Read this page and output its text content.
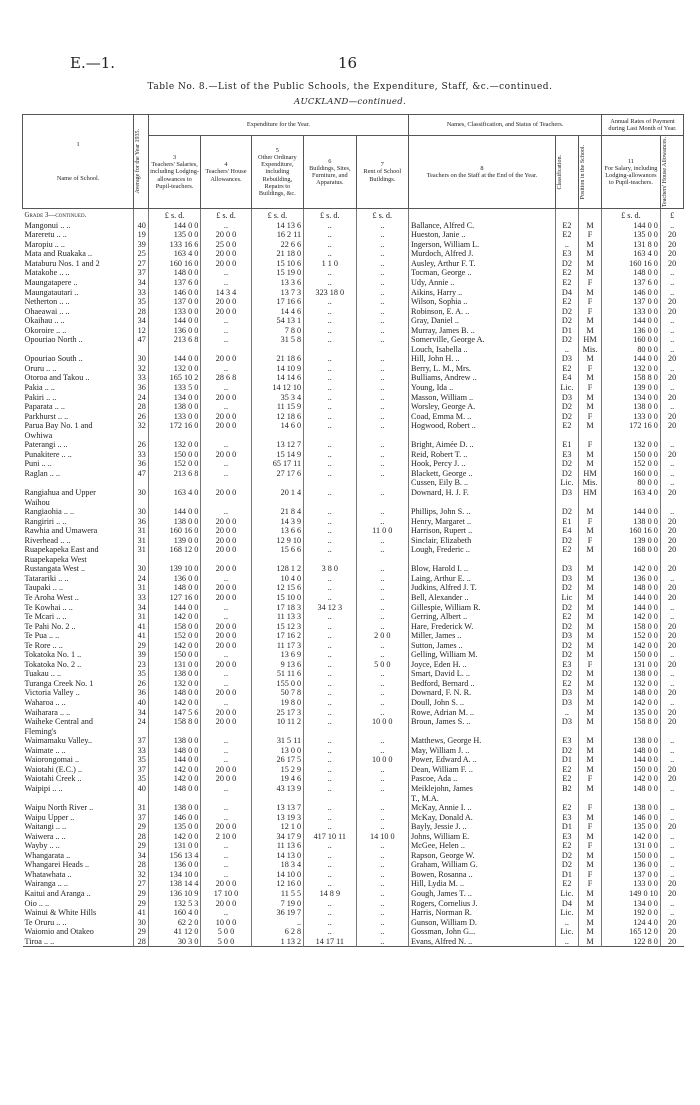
E.—1.	16
Table No. 8.—List of the Public Schools, the Expenditure, Staff, &c.—continued.
AUCKLAND—continued.
1
Name of School.	Average for the Year 1935.	Expenditure for the Year.					Names, Classification, and Status of Teachers.			Annual Rates of Payment during Last Month of Year.	
		3
Teachers' Salaries, including Lodging-allowances to Pupil-teachers.	4
Teachers' House Allowances.	5
Other Ordinary Expenditure, including Rebuilding, Repairs to Buildings, &c.	6
Buildings, Sites, Furniture, and Apparatus.	7
Rent of School Buildings.	8
Teachers on the Staff at the End of the Year.	Classification.	Position in the School.	11
For Salary, including Lodging-allowances to Pupil-teachers.	Teachers' House Allowances.

Grade 3—continued.		£ s. d.	£ s. d.	£ s. d.	£ s. d.	£ s. d.				£ s. d.	£
Mangonui .. ..	40	144 0 0	..	14 13 6	..	..	Ballance, Alfred C.	E2	M	144 0 0	..
Mareretu .. ..	19	135 0 0	20 0 0	16 2 11	..	..	Hueston, Janie ..	E2	F	135 0 0	20
Maropiu .. ..	39	133 16 6	25 0 0	22 6 6	..	..	Ingerson, William L.	..	M	131 8 0	20
Mata and Ruakaka ..	25	163 4 0	20 0 0	21 18 0	..	..	Murdoch, Alfred J.	E3	M	163 4 0	20
Mataburu Nos. 1 and 2	27	160 16 0	20 0 0	15 10 6	1 1 0	..	Ausley, Arthur F. T.	D2	M	160 16 0	20
Matakohe .. ..	37	148 0 0	..	15 19 0	..	..	Tocman, George ..	E2	M	148 0 0	..
Maungatapere ..	34	137 6 0	..	13 3 6	..	..	Udy, Annie ..	E2	F	137 6 0	..
Maungatautari ..	33	146 0 0	14 3 4	13 7 3	323 18 0	..	Aikins, Harry ..	D4	M	146 0 0	..
Netherton .. ..	35	137 0 0	20 0 0	17 16 6	..	..	Wilson, Sophia ..	E2	F	137 0 0	20
Ohaeawai .. ..	28	133 0 0	20 0 0	14 4 6	..	..	Robinson, E. A. ..	D2	F	133 0 0	20
Okaihau .. ..	34	144 0 0	..	54 13 1	..	..	Gray, Daniel ..	D2	M	144 0 0	..
Okoroire .. ..	12	136 0 0	..	7 8 0	..	..	Murray, James B. ..	D1	M	136 0 0	..
Opouriao North ..	47	213 6 8	..	31 5 8	..	..	Somerville, George A.	D2	HM	160 0 0	..
							Louch, Isabella ..	..	Mis.	80 0 0	..
Opouriao South ..	30	144 0 0	20 0 0	21 18 6	..	..	Hill, John H. ..	D3	M	144 0 0	20
Oruru .. ..	32	132 0 0	..	14 10 9	..	..	Berry, L. M., Mrs.	E2	F	132 0 0	..
Otoroa and Takou ..	33	165 10 2	28 6 8	14 14 6	..	..	Bulliams, Andrew ..	E4	M	158 8 0	20
Pakia .. ..	36	133 5 0	..	14 12 10	..	..	Young, Ida ..	Lic.	F	139 0 0	..
Pakiri .. ..	24	134 0 0	20 0 0	35 3 4	..	..	Masson, William ..	D3	M	134 0 0	20
Paparata .. ..	28	138 0 0	..	11 15 9	..	..	Worsley, George A.	D2	M	138 0 0	..
Parkhurst .. ..	26	133 0 0	20 0 0	12 18 6	..	..	Coad, Emma M. ..	D2	F	133 0 0	20
Parua Bay No. 1 and	32	172 16 0	20 0 0	14 6 0	..	..	Hogwood, Robert ..	E2	M	172 16 0	20
Owhiwa											
Paterangi .. ..	26	132 0 0	..	13 12 7	..	..	Bright, Aimée D. ..	E1	F	132 0 0	..
Punakitere .. ..	33	150 0 0	20 0 0	15 14 9	..	..	Reid, Robert T. ..	E3	M	150 0 0	20
Puni .. ..	36	152 0 0	..	65 17 11	..	..	Hook, Percy J. ..	D2	M	152 0 0	..
Raglan .. ..	47	213 6 8	..	27 17 6	..	..	Blackett, George ..	D2	HM	160 0 0	..
							Cussen, Eily B. ..	Lic.	Mis.	80 0 0	..
Rangiahua and Upper	30	163 4 0	20 0 0	20 1 4	..	..	Downard, H. J. F.	D3	HM	163 4 0	20
Waihou											
Rangiaohia .. ..	30	144 0 0	..	21 8 4	..	..	Phillips, John S. ..	D2	M	144 0 0	..
Rangiriri .. ..	36	138 0 0	20 0 0	14 3 9	..	..	Henry, Margaret ..	E1	F	138 0 0	20
Rawhia and Umawera	31	160 16 0	20 0 0	13 6 6	..	11 0 0	Harrison, Rupert ..	E4	M	160 16 0	20
Riverhead .. ..	31	139 0 0	20 0 0	12 9 10	..	..	Sinclair, Elizabeth	D2	F	139 0 0	20
Ruapekapeka East and	31	168 12 0	20 0 0	15 6 6	..	..	Lough, Frederic ..	E2	M	168 0 0	20
Ruapekapeka West											
Rustangata West ..	30	139 10 0	20 0 0	128 1 2	3 8 0	..	Blow, Harold I. ..	D3	M	142 0 0	20
Tatarariki .. ..	24	136 0 0	..	10 4 0	..	..	Laing, Arthur E. ..	D3	M	136 0 0	..
Taupaki .. ..	31	148 0 0	20 0 0	12 15 6	..	..	Judkins, Alfred J. T.	D2	M	148 0 0	20
Te Aroha West ..	33	127 16 0	20 0 0	15 10 0	..	..	Bell, Alexander ..	Lic	M	144 0 0	20
Te Kowhai .. ..	34	144 0 0	..	17 18 3	34 12 3	..	Gillespie, William R.	D2	M	144 0 0	..
Te Mcari .. ..	31	142 0 0	..	11 13 3	..	..	Gerring, Albert ..	E2	M	142 0 0	..
Te Pahi No. 2 ..	41	158 0 0	20 0 0	15 12 3	..	..	Hare, Frederick W.	D2	M	158 0 0	20
Te Pua .. ..	41	152 0 0	20 0 0	17 16 2	..	2 0 0	Miller, James ..	D3	M	152 0 0	20
Te Rore .. ..	29	142 0 0	20 0 0	11 17 3	..	..	Sutton, James ..	D2	M	142 0 0	20
Tokatoka No. 1 ..	39	150 0 0	..	13 6 9	..	..	Gelling, William M.	D2	M	150 0 0	..
Tokatoka No. 2 ..	23	131 0 0	20 0 0	9 13 6	..	5 0 0	Joyce, Eden H. ..	E3	F	131 0 0	20
Tuakau .. ..	35	138 0 0	..	51 11 6	..	..	Smart, David L. ..	D2	M	138 0 0	..
Turanga Creek No. 1	26	132 0 0	..	155 0 0	..	..	Bedford, Bernard ..	E2	M	132 0 0	..
Victoria Valley ..	36	148 0 0	20 0 0	50 7 8	..	..	Downard, F. N. R.	D3	M	148 0 0	20
Waharoa .. ..	40	142 0 0	..	19 8 0	..	..	Doull, John S. ..	D3	M	142 0 0	..
Waiharara .. ..	34	147 5 6	20 0 0	25 17 3	..	..	Rowe, Adrian M. ..	..	M	135 0 0	20
Waiheke Central and	24	158 8 0	20 0 0	10 11 2	..	10 0 0	Broun, James S. ..	D3	M	158 8 0	20
Fleming's											
Waimamaku Valley..	37	138 0 0	..	31 5 11	..	..	Matthews, George H.	E3	M	138 0 0	..
Waimate .. ..	33	148 0 0	..	13 0 0	..	..	May, William J. ..	D2	M	148 0 0	..
Waiorongomai ..	35	144 0 0	..	26 17 5	..	10 0 0	Power, Edward A. ..	D1	M	144 0 0	..
Waiotahi (E.C.) ..	37	142 0 0	20 0 0	15 2 9	..	..	Dean, William F. ..	E2	M	150 0 0	20
Waiotahi Creek ..	35	142 0 0	20 0 0	19 4 6	..	..	Pascoe, Ada ..	E2	F	142 0 0	20
Waipipi .. ..	40	148 0 0	..	43 13 9	..	..	Meiklejohn, James	B2	M	148 0 0	..
							T., M.A.				
Waipu North River ..	31	138 0 0	..	13 13 7	..	..	McKay, Annie I. ..	E2	F	138 0 0	..
Waipu Upper ..	37	146 0 0	..	13 19 3	..	..	McKay, Donald A.	E3	M	146 0 0	..
Waitangi .. ..	29	135 0 0	20 0 0	12 1 0	..	..	Bayly, Jessie J. ..	D1	F	135 0 0	20
Waiwera .. ..	28	142 0 0	2 10 0	34 17 9	417 10 11	14 10 0	Johns, William E.	E3	M	142 0 0	..
Wayby .. ..	29	131 0 0	..	11 13 6	..	..	McGee, Helen ..	E2	F	131 0 0	..
Whangarata ..	34	156 13 4	..	14 13 0	..	..	Rapson, George W.	D2	M	150 0 0	..
Whangarei Heads ..	28	136 0 0	..	18 3 4	..	..	Graham, William G.	D2	M	136 0 0	..
Whatawhata ..	32	134 10 0	..	14 10 0	..	..	Bowen, Rosanna ..	D1	F	137 0 0	..
Wairanga .. ..	27	138 14 4	20 0 0	12 16 0	..	..	Hill, Lydia M. ..	E2	F	133 0 0	20
Kaitui and Aranga ..	29	136 10 9	17 10 0	11 5 5	14 8 9	..	Gough, James T. ..	Lic.	M	149 0 10	20
Oio .. ..	29	132 5 3	20 0 0	7 19 0	..	..	Rogers, Cornelius J.	D4	M	134 0 0	..
Wainui & White Hills	41	160 4 0	..	36 19 7	..	..	Harris, Norman R.	Lic.	M	192 0 0	..
Te Oruru .. ..	30	62 2 0	10 0 0	..	..	..	Gunson, William D.	..	M	124 4 0	20
Waiomio and Otakeo	29	41 12 0	5 0 0	6 2 8	..	..	Gossman, John G...	Lic.	M	165 12 0	20
Tiroa .. ..	28	30 3 0	5 0 0	1 13 2	14 17 11	..	Evans, Alfred N. ..	..	M	122 8 0	20
